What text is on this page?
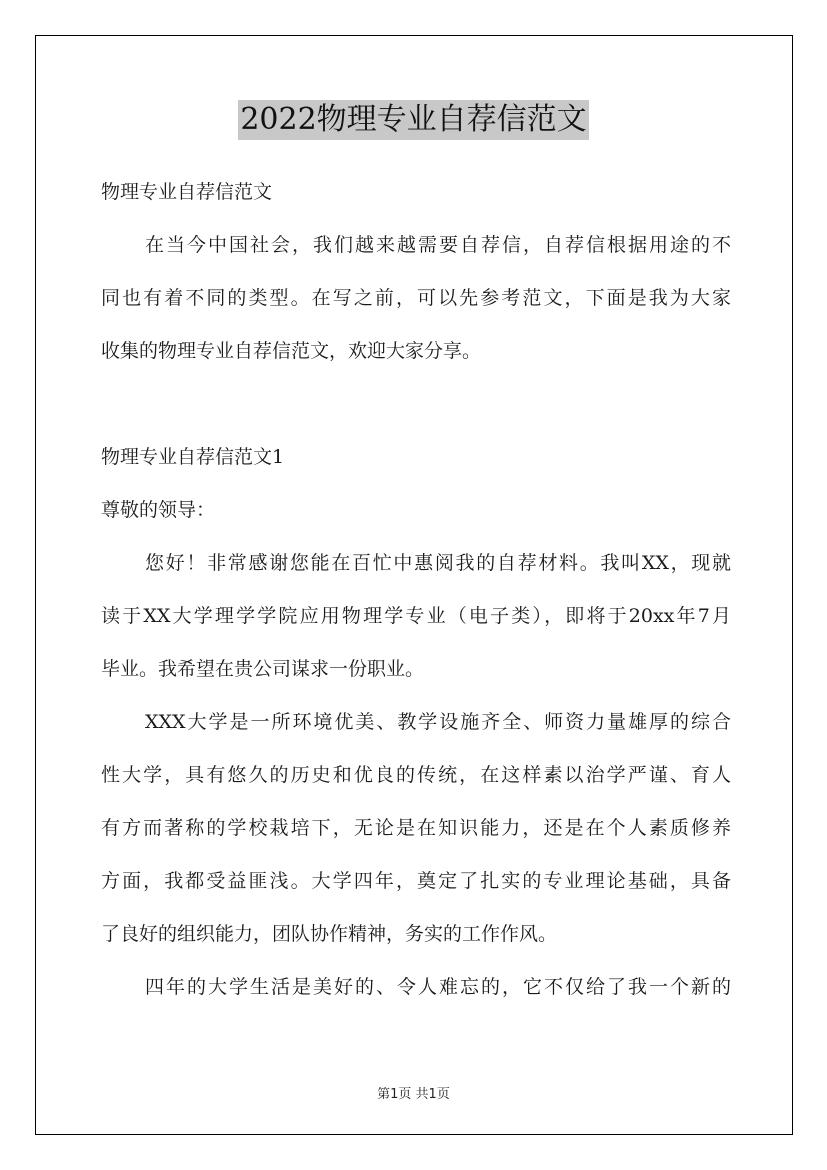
2022物理专业自荐信范文
物理专业自荐信范文
在当今中国社会，我们越来越需要自荐信，自荐信根据用途的不
同也有着不同的类型。在写之前，可以先参考范文，下面是我为大家
收集的物理专业自荐信范文，欢迎大家分享。
物理专业自荐信范文1
尊敬的领导：
您好！非常感谢您能在百忙中惠阅我的自荐材料。我叫XX，现就
读于XX大学理学学院应用物理学专业（电子类），即将于20xx年7月
毕业。我希望在贵公司谋求一份职业。
XXX大学是一所环境优美、教学设施齐全、师资力量雄厚的综合
性大学，具有悠久的历史和优良的传统，在这样素以治学严谨、育人
有方而著称的学校栽培下，无论是在知识能力，还是在个人素质修养
方面，我都受益匪浅。大学四年，奠定了扎实的专业理论基础，具备
了良好的组织能力，团队协作精神，务实的工作作风。
四年的大学生活是美好的、令人难忘的，它不仅给了我一个新的
第1页 共1页
